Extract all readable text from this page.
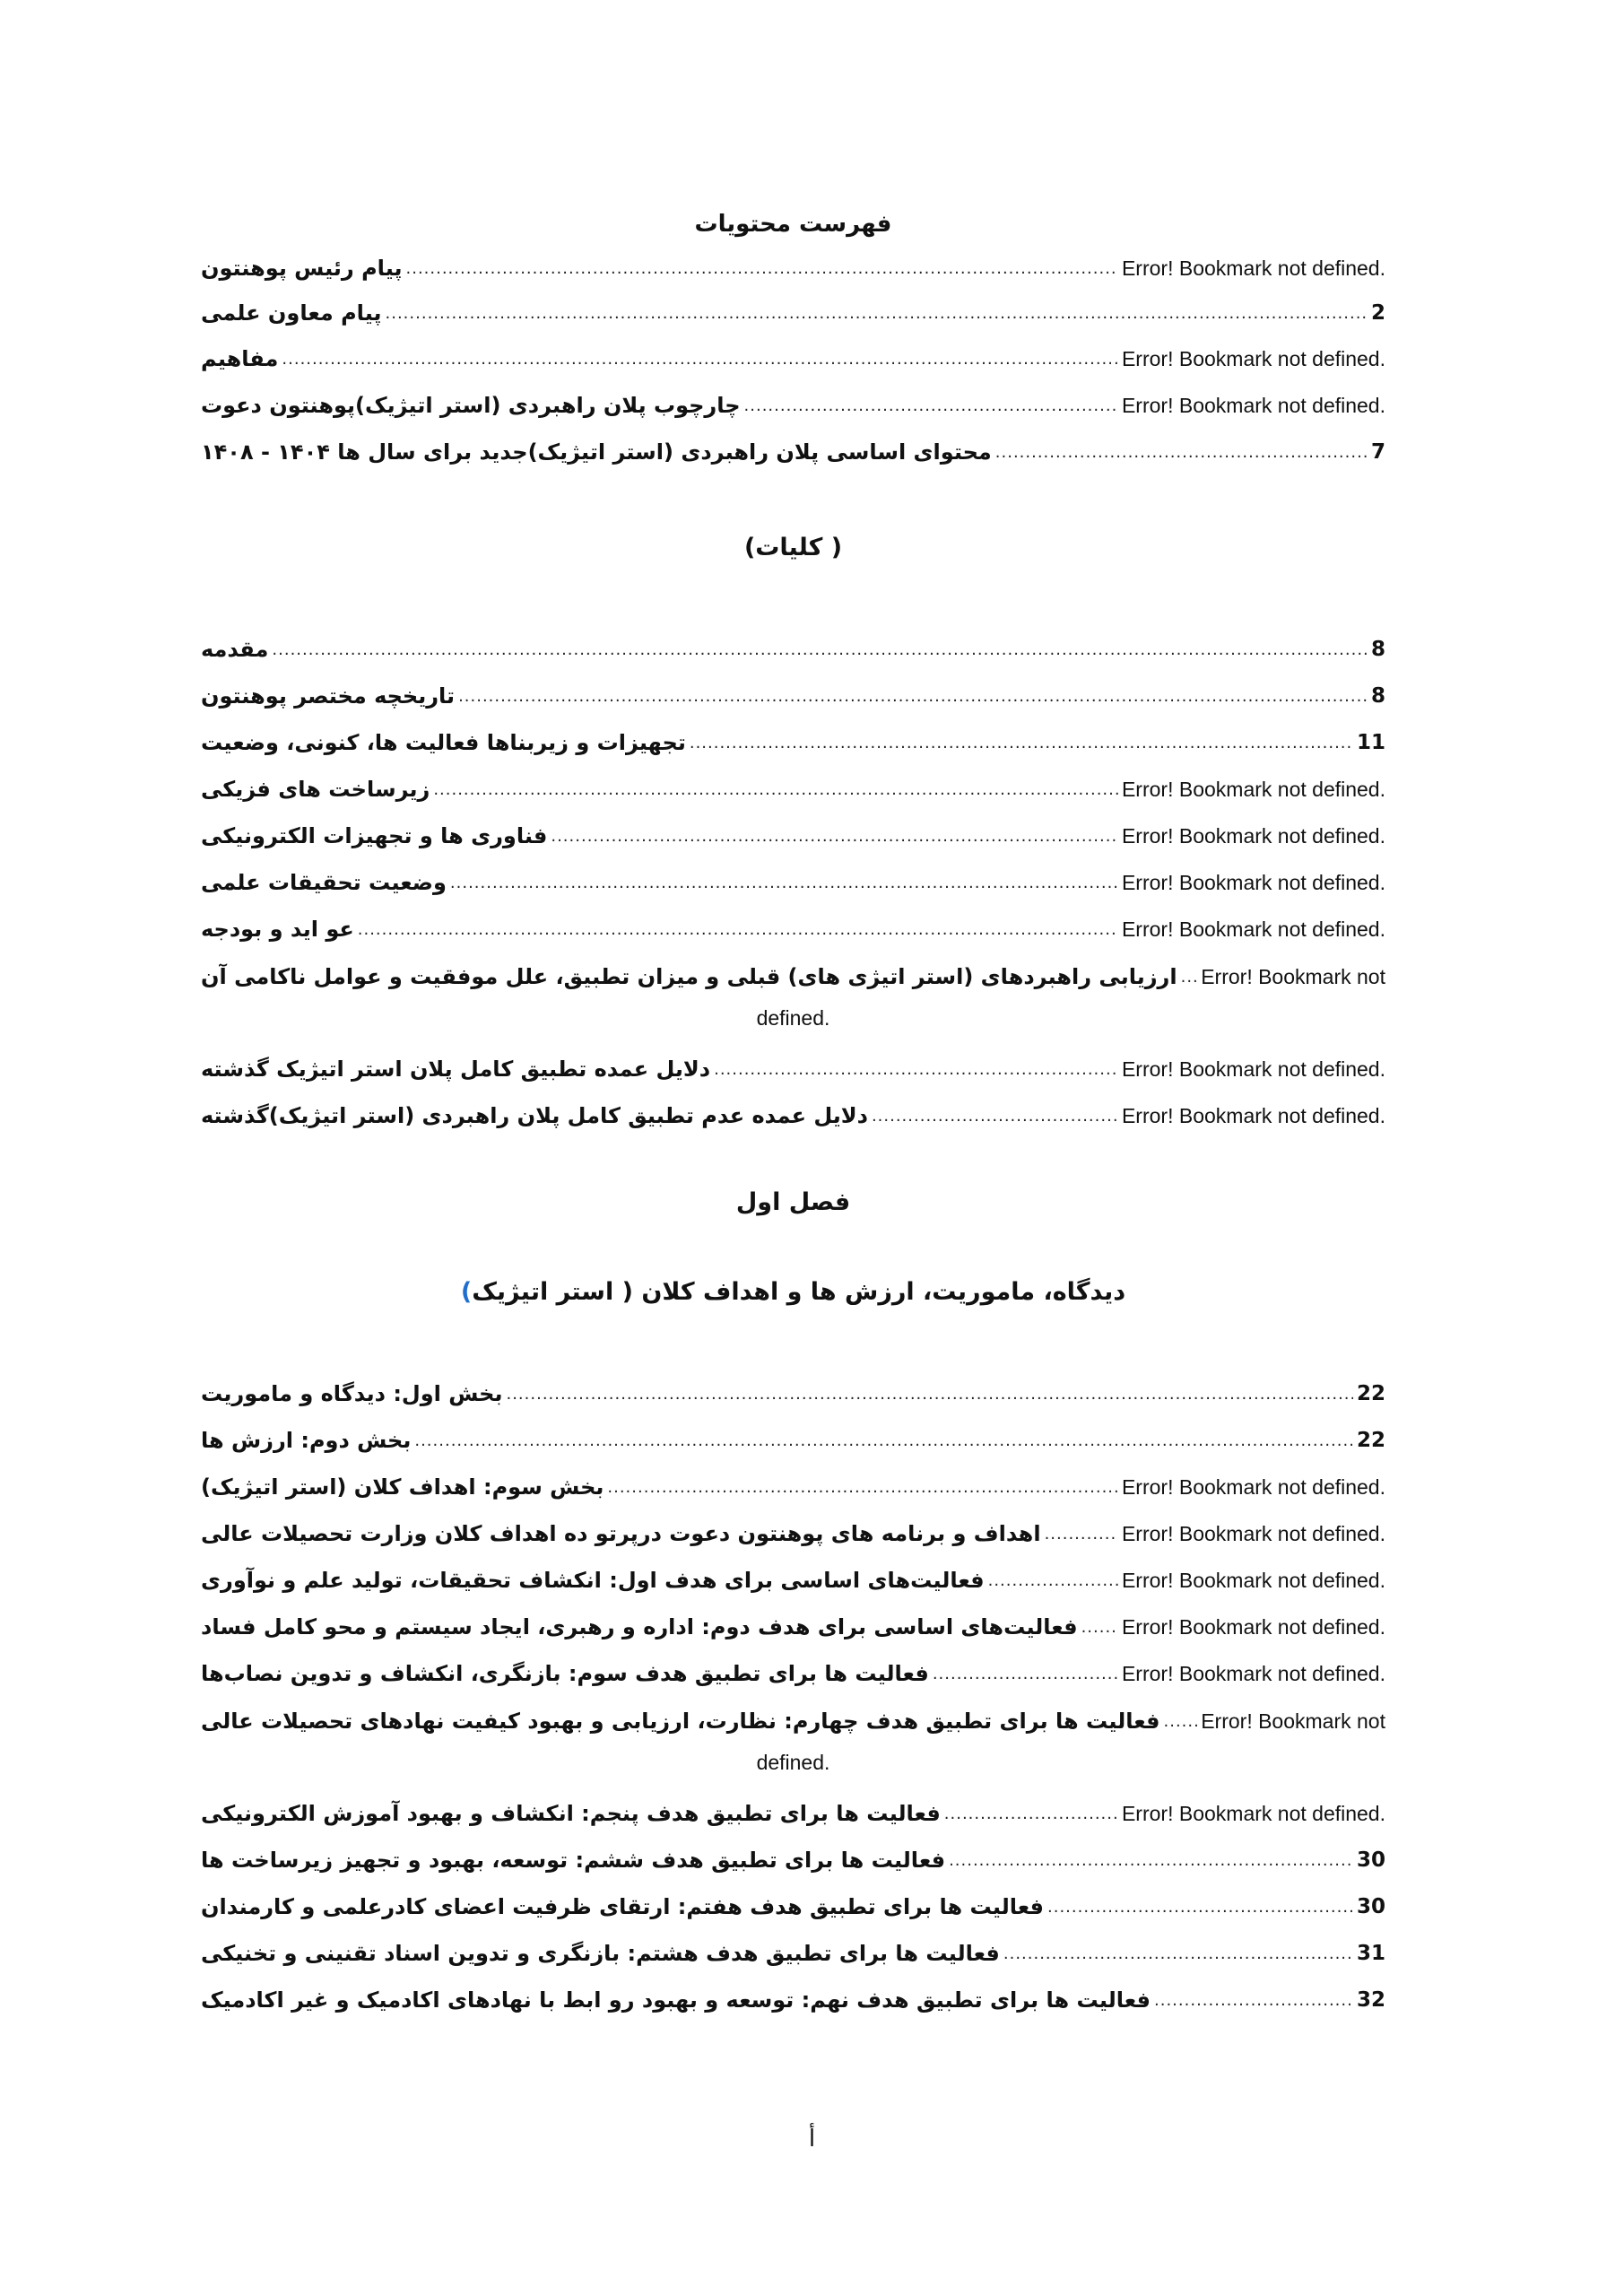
فهرست محتویات
پیام رئیس پوهنتون .....	Error! Bookmark not defined.
پیام معاون علمی .....	2
مفاهیم .....	Error! Bookmark not defined.
چارچوب پلان راهبردی (استر اتیژیک)پوهنتون دعوت .....	Error! Bookmark not defined.
محتوای اساسی پلان راهبردی (استر اتیژیک)جدید برای سال ها ۱۴۰۴ - ۱۴۰۸ .....	7
( کلیات)
مقدمه .....	8
تاریخچه مختصر پوهنتون .....	8
تجهیزات و زیربناها فعالیت ها، کنونی، وضعیت .....	11
زیرساخت های فزیکی .....	Error! Bookmark not defined.
فناوری ها و تجهیزات الکترونیکی .....	Error! Bookmark not defined.
وضعیت تحقیقات علمی .....	Error! Bookmark not defined.
عو اید و بودجه .....	Error! Bookmark not defined.
ارزیابی راهبردهای (استر اتیژی های) قبلی و میزان تطبیق، علل موفقیت و عوامل ناکامی آن ..... Error! Bookmark not
defined.
دلایل عمده تطبیق کامل پلان استر اتیژیک گذشته .....	Error! Bookmark not defined.
دلایل عمده عدم تطبیق کامل پلان راهبردی (استر اتیژیک)گذشته .....	Error! Bookmark not defined.
فصل اول
دیدگاه، ماموریت، ارزش ها و اهداف کلان ( استر اتیژیک)
بخش اول: دیدگاه و ماموریت .....	22
بخش دوم: ارزش ها .....	22
بخش سوم: اهداف کلان (استر اتیژیک) .....	Error! Bookmark not defined.
اهداف و برنامه های پوهنتون دعوت درپرتو ده اهداف کلان وزارت تحصیلات عالی .....	Error! Bookmark not defined.
فعالیت‌های اساسی برای هدف اول: انکشاف تحقیقات، تولید علم و نوآوری .....	Error! Bookmark not defined.
فعالیت‌های اساسی برای هدف دوم: اداره و رهبری، ایجاد سیستم و محو کامل فساد ..... Error! Bookmark not defined.
فعالیت ها برای تطبیق هدف سوم: بازنگری، انکشاف و تدوین نصاب‌ها .....	Error! Bookmark not defined.
فعالیت ها برای تطبیق هدف چهارم: نظارت، ارزیابی و بهبود کیفیت نهادهای تحصیلات عالی ..... Error! Bookmark not
defined.
فعالیت ها برای تطبیق هدف پنجم: انکشاف و بهبود آموزش الکترونیکی .....	Error! Bookmark not defined.
فعالیت ها برای تطبیق هدف ششم: توسعه، بهبود و تجهیز زیرساخت ها .....	30
فعالیت ها برای تطبیق هدف هفتم: ارتقای ظرفیت اعضای کادرعلمی و کارمندان .....	30
فعالیت ها برای تطبیق هدف هشتم: بازنگری و تدوین اسناد تقنینی و تخنیکی .....	31
فعالیت ها برای تطبیق هدف نهم: توسعه و بهبود رو ابط با نهادهای اکادمیک و غیر اکادمیک .....	32
أ
